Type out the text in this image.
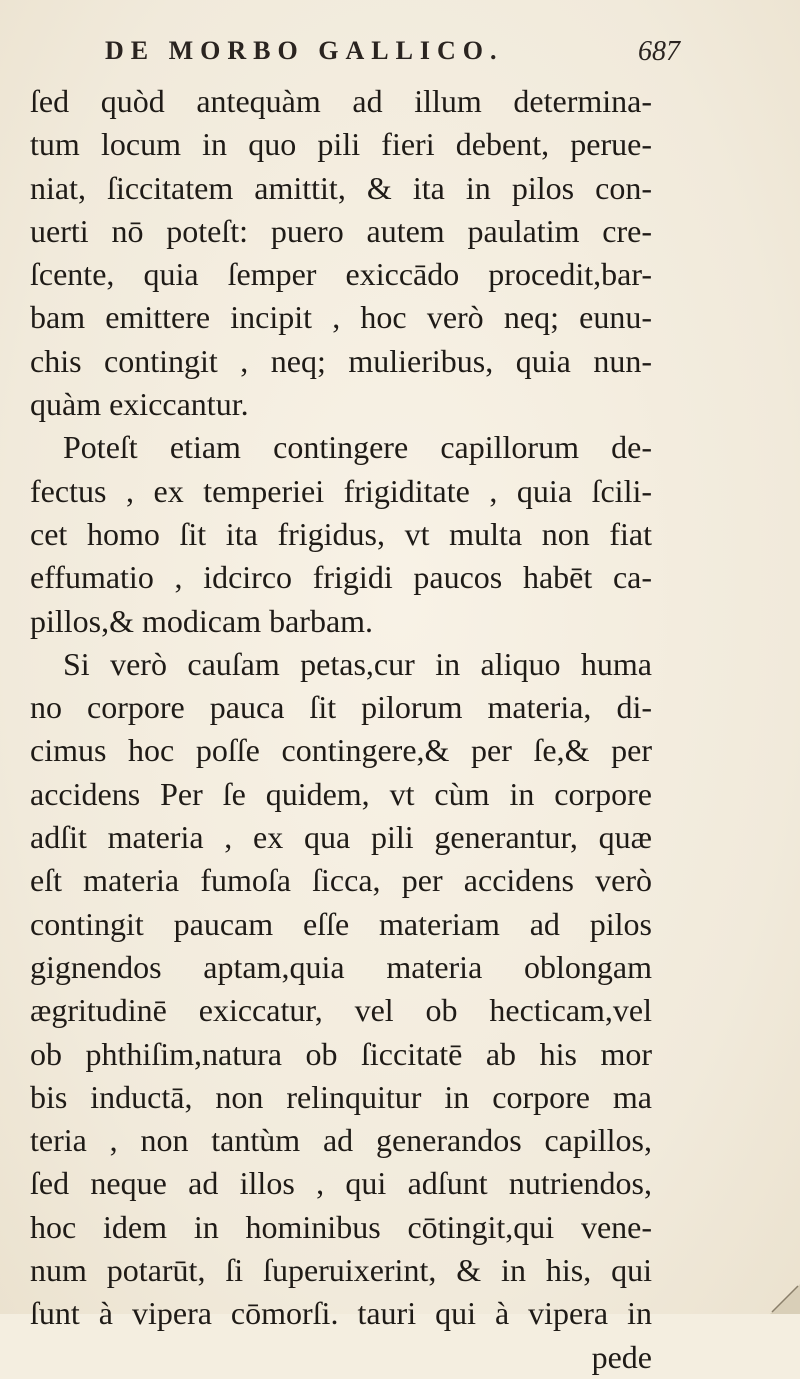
DE MORBO GALLICO.	687
ſed quòd antequàm ad illum determina-
tum locum in quo pili fieri debent, perue-
niat, ſiccitatem amittit, & ita in pilos con-
uerti nō poteſt: puero autem paulatim cre-
ſcente, quia ſemper exiccādo procedit,bar-
bam emittere incipit , hoc verò neq; eunu-
chis contingit , neq; mulieribus, quia nun-
quàm exiccantur.
Poteſt etiam contingere capillorum de-
fectus , ex temperiei frigiditate , quia ſcili-
cet homo ſit ita frigidus, vt multa non fiat
effumatio , idcirco frigidi paucos habēt ca-
pillos,& modicam barbam.
Si verò cauſam petas,cur in aliquo huma
no corpore pauca ſit pilorum materia, di-
cimus hoc poſſe contingere,& per ſe,& per
accidens Per ſe quidem, vt cùm in corpore
adſit materia , ex qua pili generantur, quæ
eſt materia fumoſa ſicca, per accidens verò
contingit paucam eſſe materiam ad pilos
gignendos aptam,quia materia oblongam
ægritudinē exiccatur, vel ob hecticam,vel
ob phthiſim,natura ob ſiccitatē ab his mor
bis inductā, non relinquitur in corpore ma
teria , non tantùm ad generandos capillos,
ſed neque ad illos , qui adſunt nutriendos,
hoc idem in hominibus cōtingit,qui vene-
num potarūt, ſi ſuperuixerint, & in his, qui
ſunt à vipera cōmorſi. tauri qui à vipera in
pede
